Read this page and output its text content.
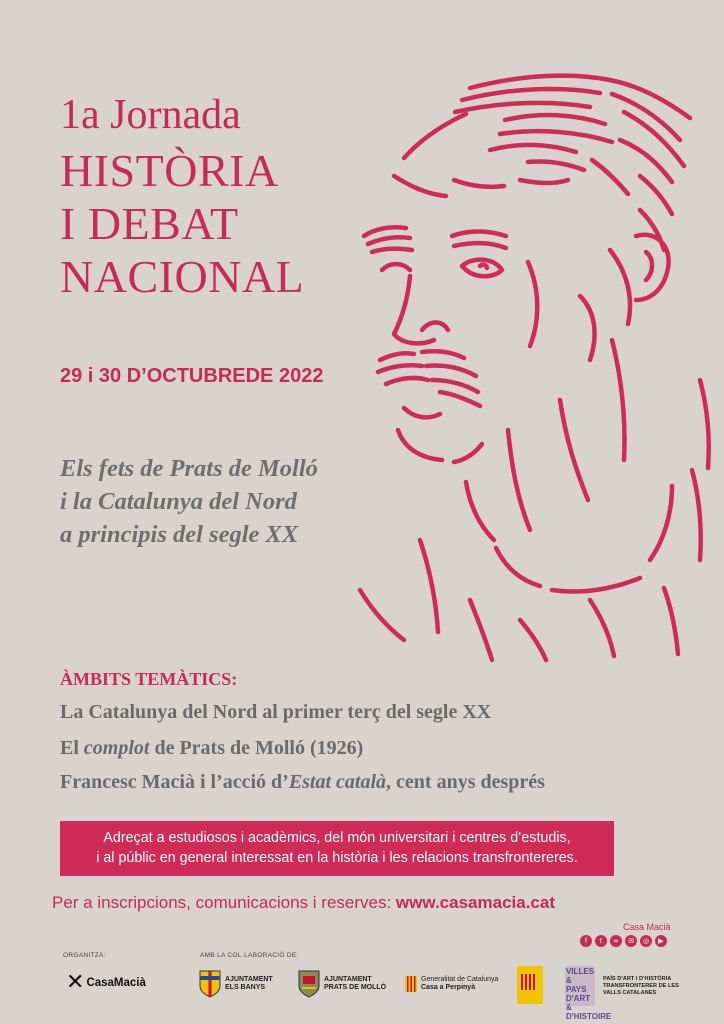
1a Jornada
HISTÒRIA
I DEBAT
NACIONAL
29 i 30 D’OCTUBREDE 2022
Els fets de Prats de Molló
i la Catalunya del Nord
a principis del segle XX
ÀMBITS TEMÀTICS:
La Catalunya del Nord al primer terç del segle XX
El complot de Prats de Molló (1926)
Francesc Macià i l’acció d’Estat català, cent anys després
Adreçat a estudiosos i acadèmics, del món universitari i centres d’estudis,
i al públic en general interessat en la història i les relacions transfrontereres.
Per a inscripcions, comunicacions i reserves: www.casamacia.cat
Casa Macià
f	t	∞	✉	◎	▶
ORGANITZA:	AMB LA COL·LABORACIÓ DE:
✕ CasaMacià	AJUNTAMENT
ELS BANYS
AJUNTAMENT
PRATS DE MOLLÓ
Generalitat de Catalunya
Casa a Perpinyà
VILLES & PAYS D'ART & D'HISTOIRE
PAÍS D’ART I D’HISTÒRIA
TRANSFRONTERER DE LES
VALLS CATALANES
